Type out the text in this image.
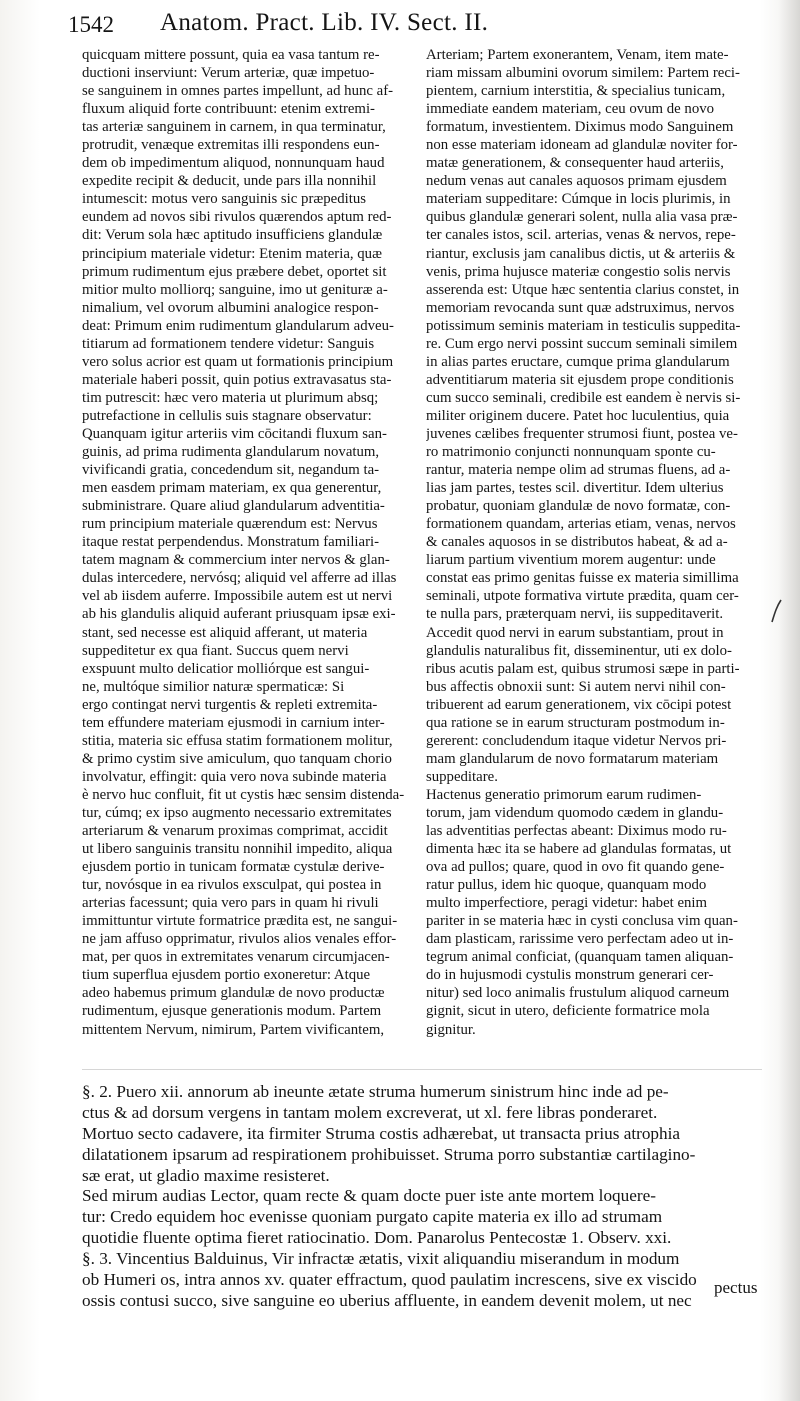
1542 Anatom. Pract. Lib. IV. Sect. II.
quicquam mittere possunt, quia ea vasa tantum re-
ductioni inserviunt: Verum arteriæ, quæ impetuo-
se sanguinem in omnes partes impellunt, ad hunc af-
fluxum aliquid forte contribuunt: etenim extremi-
tas arteriæ sanguinem in carnem, in qua terminatur,
protrudit, venæque extremitas illi respondens eun-
dem ob impedimentum aliquod, nonnunquam haud
expedite recipit & deducit, unde pars illa nonnihil
intumescit: motus vero sanguinis sic præpeditus
eundem ad novos sibi rivulos quærendos aptum red-
dit: Verum sola hæc aptitudo insufficiens glandulæ
principium materiale videtur: Etenim materia, quæ
primum rudimentum ejus præbere debet, oportet sit
mitior multo molliorq; sanguine, imo ut genituræ a-
nimalium, vel ovorum albumini analogice respon-
deat: Primum enim rudimentum glandularum adveu-
titiarum ad formationem tendere videtur: Sanguis
vero solus acrior est quam ut formationis principium
materiale haberi possit, quin potius extravasatus sta-
tim putrescit: hæc vero materia ut plurimum absq;
putrefactione in cellulis suis stagnare observatur:
Quanquam igitur arteriis vim cōcitandi fluxum san-
guinis, ad prima rudimenta glandularum novatum,
vivificandi gratia, concedendum sit, negandum ta-
men easdem primam materiam, ex qua generentur,
subministrare. Quare aliud glandularum adventitia-
rum principium materiale quærendum est: Nervus
itaque restat perpendendus. Monstratum familiari-
tatem magnam & commercium inter nervos & glan-
dulas intercedere, nervósq; aliquid vel afferre ad illas
vel ab iisdem auferre. Impossibile autem est ut nervi
ab his glandulis aliquid auferant priusquam ipsæ exi-
stant, sed necesse est aliquid afferant, ut materia
suppeditetur ex qua fiant. Succus quem nervi
exspuunt multo delicatior molliórque est sangui-
ne, multóque similior naturæ spermaticæ: Si
ergo contingat nervi turgentis & repleti extremita-
tem effundere materiam ejusmodi in carnium inter-
stitia, materia sic effusa statim formationem molitur,
& primo cystim sive amiculum, quo tanquam chorio
involvatur, effingit: quia vero nova subinde materia
è nervo huc confluit, fit ut cystis hæc sensim distenda-
tur, cúmq; ex ipso augmento necessario extremitates
arteriarum & venarum proximas comprimat, accidit
ut libero sanguinis transitu nonnihil impedito, aliqua
ejusdem portio in tunicam formatæ cystulæ derive-
tur, novósque in ea rivulos exsculpat, qui postea in
arterias facessunt; quia vero pars in quam hi rivuli
immittuntur virtute formatrice prædita est, ne sangui-
ne jam affuso opprimatur, rivulos alios venales effor-
mat, per quos in extremitates venarum circumjacen-
tium superflua ejusdem portio exoneretur: Atque
adeo habemus primum glandulæ de novo productæ
rudimentum, ejusque generationis modum. Partem
mittentem Nervum, nimirum, Partem vivificantem,
Arteriam; Partem exonerantem, Venam, item mate-
riam missam albumini ovorum similem: Partem reci-
pientem, carnium interstitia, & specialius tunicam,
immediate eandem materiam, ceu ovum de novo
formatum, investientem. Diximus modo Sanguinem
non esse materiam idoneam ad glandulæ noviter for-
matæ generationem, & consequenter haud arteriis,
nedum venas aut canales aquosos primam ejusdem
materiam suppeditare: Cúmque in locis plurimis, in
quibus glandulæ generari solent, nulla alia vasa præ-
ter canales istos, scil. arterias, venas & nervos, repe-
riantur, exclusis jam canalibus dictis, ut & arteriis &
venis, prima hujusce materiæ congestio solis nervis
asserenda est: Utque hæc sententia clarius constet, in
memoriam revocanda sunt quæ adstruximus, nervos
potissimum seminis materiam in testiculis suppedita-
re. Cum ergo nervi possint succum seminali similem
in alias partes eructare, cumque prima glandularum
adventitiarum materia sit ejusdem prope conditionis
cum succo seminali, credibile est eandem è nervis si-
militer originem ducere. Patet hoc luculentius, quia
juvenes cælibes frequenter strumosi fiunt, postea ve-
ro matrimonio conjuncti nonnunquam sponte cu-
rantur, materia nempe olim ad strumas fluens, ad a-
lias jam partes, testes scil. divertitur. Idem ulterius
probatur, quoniam glandulæ de novo formatæ, con-
formationem quandam, arterias etiam, venas, nervos
& canales aquosos in se distributos habeat, & ad a-
liarum partium viventium morem augentur: unde
constat eas primo genitas fuisse ex materia simillima
seminali, utpote formativa virtute prædita, quam cer-
te nulla pars, præterquam nervi, iis suppeditaverit.
Accedit quod nervi in earum substantiam, prout in
glandulis naturalibus fit, disseminentur, uti ex dolo-
ribus acutis palam est, quibus strumosi sæpe in parti-
bus affectis obnoxii sunt: Si autem nervi nihil con-
tribuerent ad earum generationem, vix cōcipi potest
qua ratione se in earum structuram postmodum in-
gererent: concludendum itaque videtur Nervos pri-
mam glandularum de novo formatarum materiam
suppeditare.
Hactenus generatio primorum earum rudimen-
torum, jam videndum quomodo cædem in glandu-
las adventitias perfectas abeant: Diximus modo ru-
dimenta hæc ita se habere ad glandulas formatas, ut
ova ad pullos; quare, quod in ovo fit quando gene-
ratur pullus, idem hic quoque, quanquam modo
multo imperfectiore, peragi videtur: habet enim
pariter in se materia hæc in cysti conclusa vim quan-
dam plasticam, rarissime vero perfectam adeo ut in-
tegrum animal conficiat, (quanquam tamen aliquan-
do in hujusmodi cystulis monstrum generari cer-
nitur) sed loco animalis frustulum aliquod carneum
gignit, sicut in utero, deficiente formatrice mola
gignitur.
§. 2. Puero xii. annorum ab ineunte ætate struma humerum sinistrum hinc inde ad pe-
ctus & ad dorsum vergens in tantam molem excreverat, ut xl. fere libras ponderaret.
Mortuo secto cadavere, ita firmiter Struma costis adhærebat, ut transacta prius atrophia
dilatationem ipsarum ad respirationem prohibuisset. Struma porro substantiæ cartilagino-
sæ erat, ut gladio maxime resisteret.
Sed mirum audias Lector, quam recte & quam docte puer iste ante mortem loquere-
tur: Credo equidem hoc evenisse quoniam purgato capite materia ex illo ad strumam
quotidie fluente optima fieret ratiocinatio. Dom. Panarolus Pentecostæ 1. Observ. xxi.
§. 3. Vincentius Balduinus, Vir infractæ ætatis, vixit aliquandiu miserandum in modum
ob Humeri os, intra annos xv. quater effractum, quod paulatim increscens, sive ex viscido
ossis contusi succo, sive sanguine eo uberius affluente, in eandem devenit molem, ut nec
pectus
